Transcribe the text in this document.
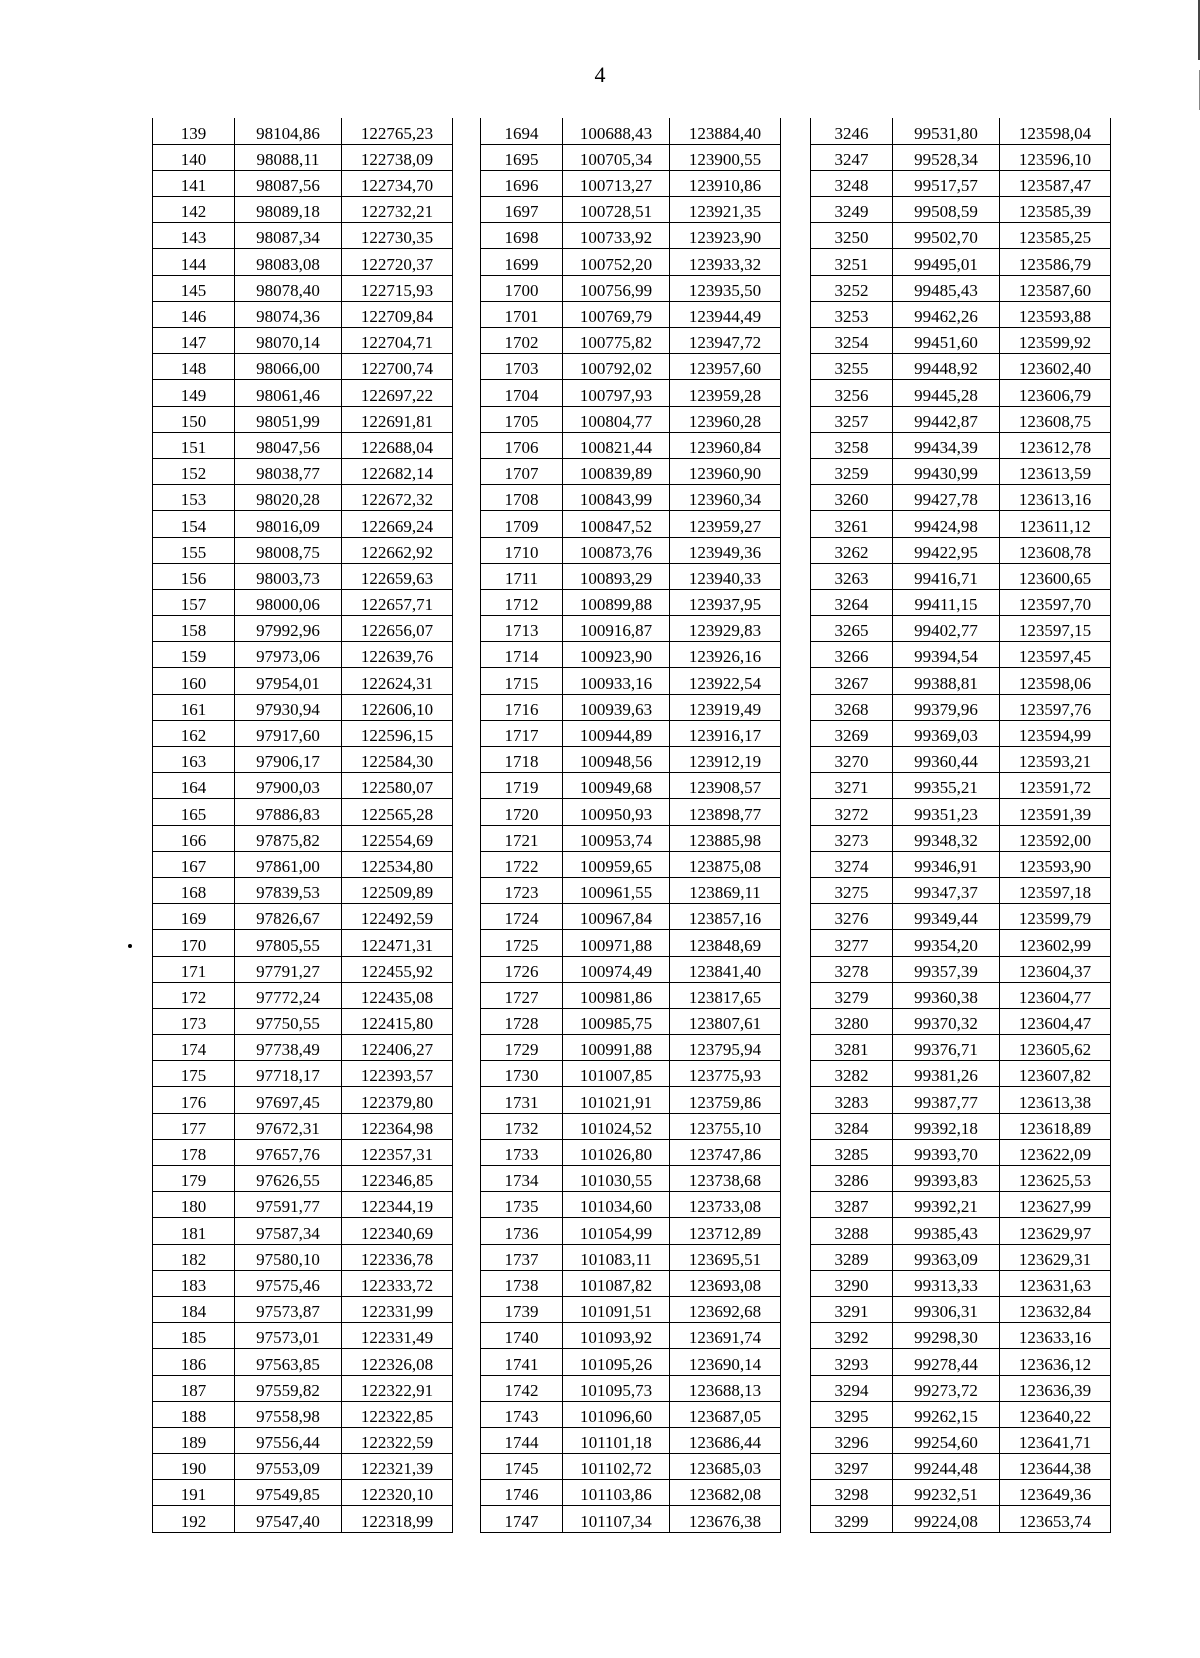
4
139	98104,86	122765,23
140	98088,11	122738,09
141	98087,56	122734,70
142	98089,18	122732,21
143	98087,34	122730,35
144	98083,08	122720,37
145	98078,40	122715,93
146	98074,36	122709,84
147	98070,14	122704,71
148	98066,00	122700,74
149	98061,46	122697,22
150	98051,99	122691,81
151	98047,56	122688,04
152	98038,77	122682,14
153	98020,28	122672,32
154	98016,09	122669,24
155	98008,75	122662,92
156	98003,73	122659,63
157	98000,06	122657,71
158	97992,96	122656,07
159	97973,06	122639,76
160	97954,01	122624,31
161	97930,94	122606,10
162	97917,60	122596,15
163	97906,17	122584,30
164	97900,03	122580,07
165	97886,83	122565,28
166	97875,82	122554,69
167	97861,00	122534,80
168	97839,53	122509,89
169	97826,67	122492,59
170	97805,55	122471,31
171	97791,27	122455,92
172	97772,24	122435,08
173	97750,55	122415,80
174	97738,49	122406,27
175	97718,17	122393,57
176	97697,45	122379,80
177	97672,31	122364,98
178	97657,76	122357,31
179	97626,55	122346,85
180	97591,77	122344,19
181	97587,34	122340,69
182	97580,10	122336,78
183	97575,46	122333,72
184	97573,87	122331,99
185	97573,01	122331,49
186	97563,85	122326,08
187	97559,82	122322,91
188	97558,98	122322,85
189	97556,44	122322,59
190	97553,09	122321,39
191	97549,85	122320,10
192	97547,40	122318,99
1694	100688,43	123884,40
1695	100705,34	123900,55
1696	100713,27	123910,86
1697	100728,51	123921,35
1698	100733,92	123923,90
1699	100752,20	123933,32
1700	100756,99	123935,50
1701	100769,79	123944,49
1702	100775,82	123947,72
1703	100792,02	123957,60
1704	100797,93	123959,28
1705	100804,77	123960,28
1706	100821,44	123960,84
1707	100839,89	123960,90
1708	100843,99	123960,34
1709	100847,52	123959,27
1710	100873,76	123949,36
1711	100893,29	123940,33
1712	100899,88	123937,95
1713	100916,87	123929,83
1714	100923,90	123926,16
1715	100933,16	123922,54
1716	100939,63	123919,49
1717	100944,89	123916,17
1718	100948,56	123912,19
1719	100949,68	123908,57
1720	100950,93	123898,77
1721	100953,74	123885,98
1722	100959,65	123875,08
1723	100961,55	123869,11
1724	100967,84	123857,16
1725	100971,88	123848,69
1726	100974,49	123841,40
1727	100981,86	123817,65
1728	100985,75	123807,61
1729	100991,88	123795,94
1730	101007,85	123775,93
1731	101021,91	123759,86
1732	101024,52	123755,10
1733	101026,80	123747,86
1734	101030,55	123738,68
1735	101034,60	123733,08
1736	101054,99	123712,89
1737	101083,11	123695,51
1738	101087,82	123693,08
1739	101091,51	123692,68
1740	101093,92	123691,74
1741	101095,26	123690,14
1742	101095,73	123688,13
1743	101096,60	123687,05
1744	101101,18	123686,44
1745	101102,72	123685,03
1746	101103,86	123682,08
1747	101107,34	123676,38
3246	99531,80	123598,04
3247	99528,34	123596,10
3248	99517,57	123587,47
3249	99508,59	123585,39
3250	99502,70	123585,25
3251	99495,01	123586,79
3252	99485,43	123587,60
3253	99462,26	123593,88
3254	99451,60	123599,92
3255	99448,92	123602,40
3256	99445,28	123606,79
3257	99442,87	123608,75
3258	99434,39	123612,78
3259	99430,99	123613,59
3260	99427,78	123613,16
3261	99424,98	123611,12
3262	99422,95	123608,78
3263	99416,71	123600,65
3264	99411,15	123597,70
3265	99402,77	123597,15
3266	99394,54	123597,45
3267	99388,81	123598,06
3268	99379,96	123597,76
3269	99369,03	123594,99
3270	99360,44	123593,21
3271	99355,21	123591,72
3272	99351,23	123591,39
3273	99348,32	123592,00
3274	99346,91	123593,90
3275	99347,37	123597,18
3276	99349,44	123599,79
3277	99354,20	123602,99
3278	99357,39	123604,37
3279	99360,38	123604,77
3280	99370,32	123604,47
3281	99376,71	123605,62
3282	99381,26	123607,82
3283	99387,77	123613,38
3284	99392,18	123618,89
3285	99393,70	123622,09
3286	99393,83	123625,53
3287	99392,21	123627,99
3288	99385,43	123629,97
3289	99363,09	123629,31
3290	99313,33	123631,63
3291	99306,31	123632,84
3292	99298,30	123633,16
3293	99278,44	123636,12
3294	99273,72	123636,39
3295	99262,15	123640,22
3296	99254,60	123641,71
3297	99244,48	123644,38
3298	99232,51	123649,36
3299	99224,08	123653,74
